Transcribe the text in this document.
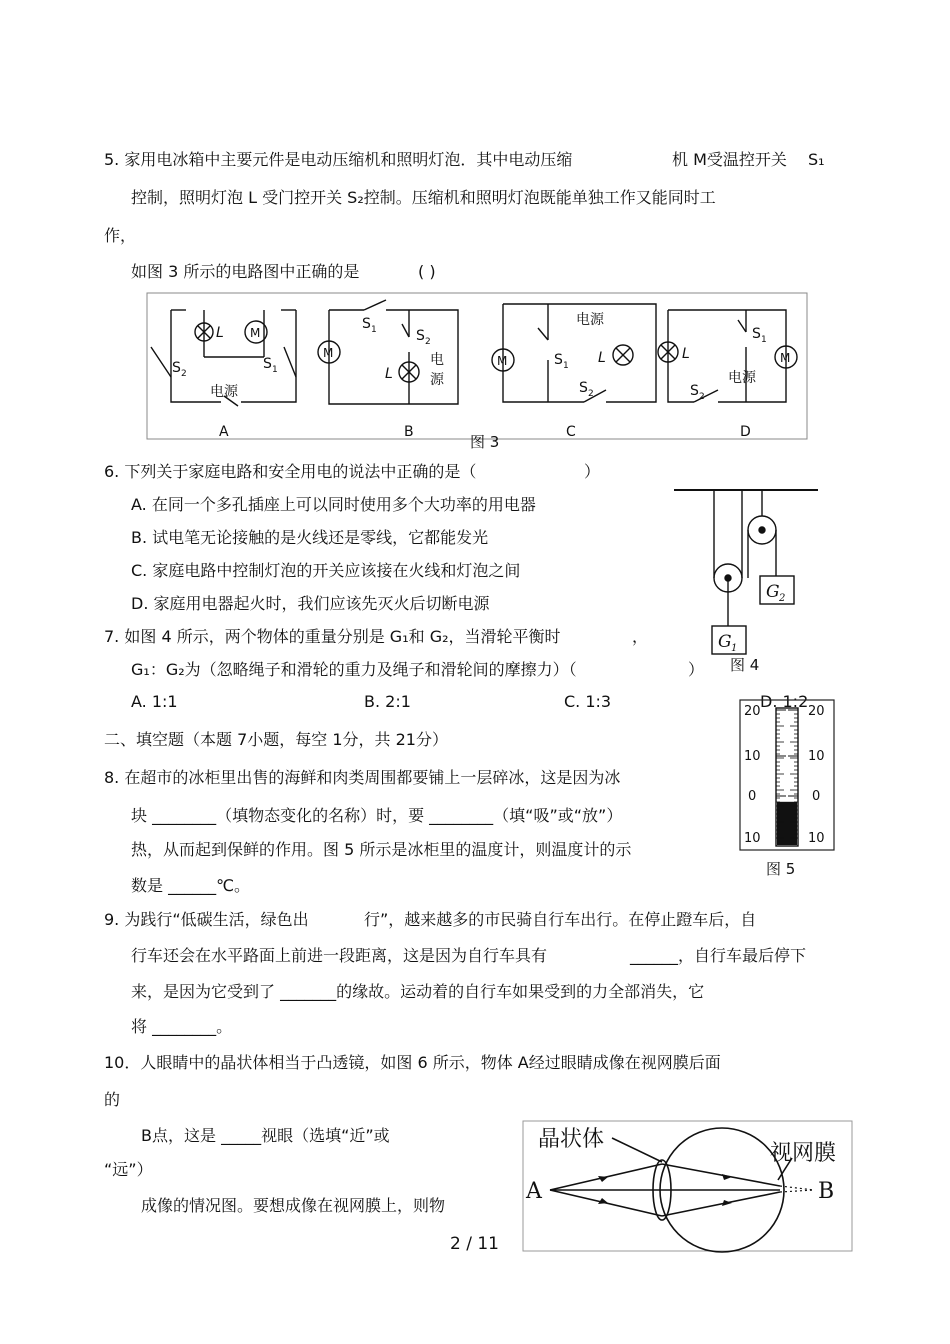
5. 家用电冰箱中主要元件是电动压缩机和照明灯泡．其中电动压缩	机 M受温控开关 S₁
控制，照明灯泡 L 受门控开关 S₂控制。压缩机和照明灯泡既能单独工作又能同时工
作，
如图 3 所示的电路图中正确的是	( )
L M
S 2
S 1
电源
A
S 1	S 2
L
M	电
源
B
电源
M	S 1 L
S 2
C
L
S 1
S 2
电源
M
D
图 3
6. 下列关于家庭电路和安全用电的说法中正确的是（	）
A. 在同一个多孔插座上可以同时使用多个大功率的用电器
B. 试电笔无论接触的是火线还是零线，它都能发光
C. 家庭电路中控制灯泡的开关应该接在火线和灯泡之间
D. 家庭用电器起火时，我们应该先灭火后切断电源
G 2
G 1
图 4
7. 如图 4 所示，两个物体的重量分别是 G₁和 G₂，当滑轮平衡时	，
G₁：G₂为（忽略绳子和滑轮的重力及绳子和滑轮间的摩擦力）（	）
A. 1:1	B. 2:1	C. 1:3	D. 1:2
二、填空题（本题 7小题，每空 1分，共 21分）
20	20
10	10
0	0
10	10
图 5
8. 在超市的冰柜里出售的海鲜和肉类周围都要铺上一层碎冰，这是因为冰
块 ________（填物态变化的名称）时，要 ________（填“吸”或“放”）
热，从而起到保鲜的作用。图 5 所示是冰柜里的温度计，则温度计的示
数是 ______℃。
9. 为践行“低碳生活，绿色出	行”，越来越多的市民骑自行车出行。在停止蹬车后，自
行车还会在水平路面上前进一段距离，这是因为自行车具有	______，自行车最后停下
来，是因为它受到了 _______的缘故。运动着的自行车如果受到的力全部消失，它
将 ________。
10．人眼睛中的晶状体相当于凸透镜，如图 6 所示，物体 A经过眼睛成像在视网膜后面
的
B点，这是 _____视眼（选填“近”或
“远”）
成像的情况图。要想成像在视网膜上，则物
晶状体
视网膜
A	B
2 / 11
